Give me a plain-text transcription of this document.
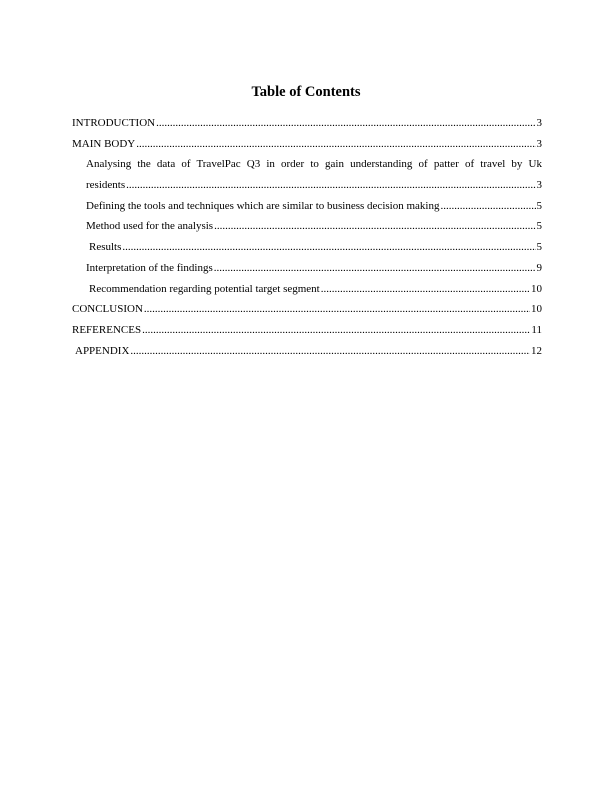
Table of Contents
INTRODUCTION .....	3
MAIN BODY .....	3
Analysing the data of TravelPac Q3 in order to gain understanding of patter of travel by Uk
residents .....	3
Defining the tools and techniques which are similar to business decision making .....	5
Method used for the analysis .....	5
Results .....	5
Interpretation of the findings .....	9
Recommendation regarding potential target segment .....	10
CONCLUSION .....	10
REFERENCES .....	11
APPENDIX .....	12
